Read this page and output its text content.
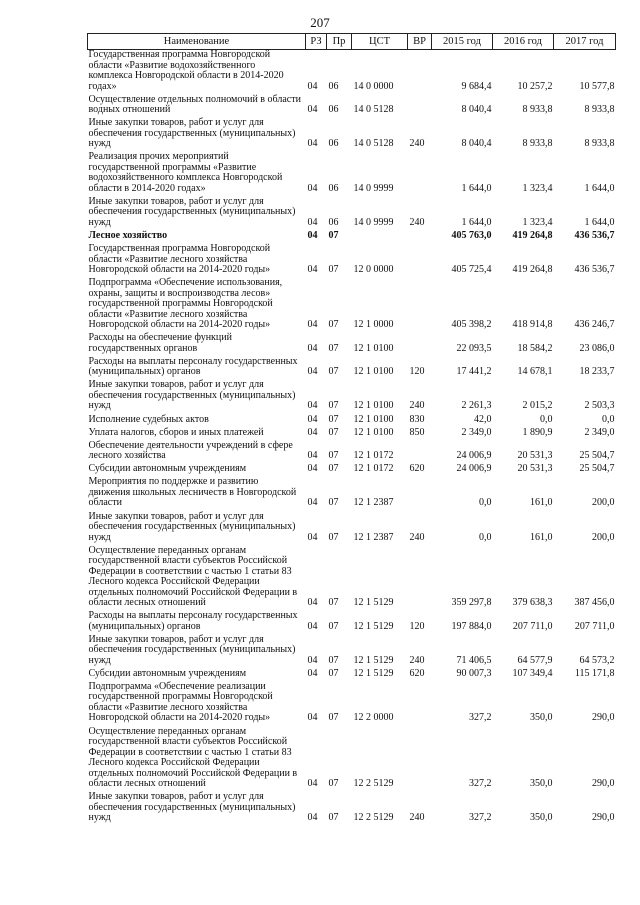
207
Наименование	РЗ	Пр	ЦСТ	ВР	2015 год	2016 год	2017 год
Государственная программа Новгородской области «Развитие водохозяйственного комплекса Новгородской области в 2014-2020 годах»	04	06	14 0 0000		9 684,4	10 257,2	10 577,8
Осуществление отдельных полномочий в области водных отношений	04	06	14 0 5128		8 040,4	8 933,8	8 933,8
Иные закупки товаров, работ и услуг для обеспечения государственных (муниципальных) нужд	04	06	14 0 5128	240	8 040,4	8 933,8	8 933,8
Реализация прочих мероприятий государственной программы «Развитие водохозяйственного комплекса Новгородской области в 2014-2020 годах»	04	06	14 0 9999		1 644,0	1 323,4	1 644,0
Иные закупки товаров, работ и услуг для обеспечения государственных (муниципальных) нужд	04	06	14 0 9999	240	1 644,0	1 323,4	1 644,0
Лесное хозяйство	04	07			405 763,0	419 264,8	436 536,7
Государственная программа Новгородской области «Развитие лесного хозяйства Новгородской области на 2014-2020 годы»	04	07	12 0 0000		405 725,4	419 264,8	436 536,7
Подпрограмма «Обеспечение использования, охраны, защиты и воспроизводства лесов» государственной программы Новгородской области «Развитие лесного хозяйства Новгородской области на 2014-2020 годы»	04	07	12 1 0000		405 398,2	418 914,8	436 246,7
Расходы на обеспечение функций государственных органов	04	07	12 1 0100		22 093,5	18 584,2	23 086,0
Расходы на выплаты персоналу государственных (муниципальных) органов	04	07	12 1 0100	120	17 441,2	14 678,1	18 233,7
Иные закупки товаров, работ и услуг для обеспечения государственных (муниципальных) нужд	04	07	12 1 0100	240	2 261,3	2 015,2	2 503,3
Исполнение судебных актов	04	07	12 1 0100	830	42,0	0,0	0,0
Уплата налогов, сборов и иных платежей	04	07	12 1 0100	850	2 349,0	1 890,9	2 349,0
Обеспечение деятельности учреждений в сфере лесного хозяйства	04	07	12 1 0172		24 006,9	20 531,3	25 504,7
Субсидии автономным учреждениям	04	07	12 1 0172	620	24 006,9	20 531,3	25 504,7
Мероприятия по поддержке и развитию движения школьных лесничеств в Новгородской области	04	07	12 1 2387		0,0	161,0	200,0
Иные закупки товаров, работ и услуг для обеспечения государственных (муниципальных) нужд	04	07	12 1 2387	240	0,0	161,0	200,0
Осуществление переданных органам государственной власти субъектов Российской Федерации в соответствии с частью 1 статьи 83 Лесного кодекса Российской Федерации отдельных полномочий Российской Федерации в области лесных отношений	04	07	12 1 5129		359 297,8	379 638,3	387 456,0
Расходы на выплаты персоналу государственных (муниципальных) органов	04	07	12 1 5129	120	197 884,0	207 711,0	207 711,0
Иные закупки товаров, работ и услуг для обеспечения государственных (муниципальных) нужд	04	07	12 1 5129	240	71 406,5	64 577,9	64 573,2
Субсидии автономным учреждениям	04	07	12 1 5129	620	90 007,3	107 349,4	115 171,8
Подпрограмма «Обеспечение реализации государственной программы Новгородской области «Развитие лесного хозяйства Новгородской области на 2014-2020 годы»	04	07	12 2 0000		327,2	350,0	290,0
Осуществление переданных органам государственной власти субъектов Российской Федерации в соответствии с частью 1 статьи 83 Лесного кодекса Российской Федерации отдельных полномочий Российской Федерации в области лесных отношений	04	07	12 2 5129		327,2	350,0	290,0
Иные закупки товаров, работ и услуг для обеспечения государственных (муниципальных) нужд	04	07	12 2 5129	240	327,2	350,0	290,0
